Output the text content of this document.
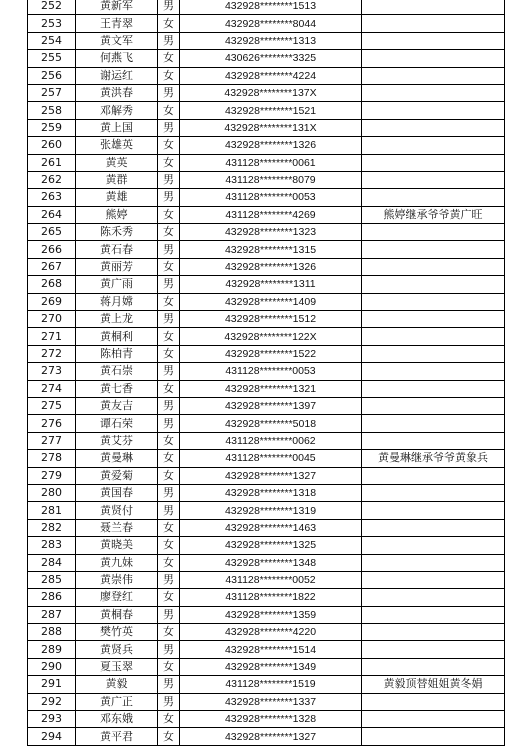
252	黄新军	男	432928********1513	
253	王青翠	女	432928********8044	
254	黄文军	男	432928********1313	
255	何燕飞	女	430626********3325	
256	谢运红	女	432928********4224	
257	黄洪春	男	432928********137X	
258	邓解秀	女	432928********1521	
259	黄上国	男	432928********131X	
260	张雄英	女	432928********1326	
261	黄英	女	431128********0061	
262	黄群	男	431128********8079	
263	黄雄	男	431128********0053	
264	熊婷	女	431128********4269	熊婷继承爷爷黄广旺
265	陈禾秀	女	432928********1323	
266	黄石春	男	432928********1315	
267	黄丽芳	女	432928********1326	
268	黄广雨	男	432928********1311	
269	蒋月嫦	女	432928********1409	
270	黄上龙	男	432928********1512	
271	黄桐利	女	432928********122X	
272	陈柏青	女	432928********1522	
273	黄石崇	男	431128********0053	
274	黄七香	女	432928********1321	
275	黄友吉	男	432928********1397	
276	谭石荣	男	432928********5018	
277	黄艾芬	女	431128********0062	
278	黄曼琳	女	431128********0045	黄曼琳继承爷爷黄象兵
279	黄爱菊	女	432928********1327	
280	黄国春	男	432928********1318	
281	黄贤付	男	432928********1319	
282	聂兰春	女	432928********1463	
283	黄晓美	女	432928********1325	
284	黄九妹	女	432928********1348	
285	黄崇伟	男	431128********0052	
286	廖登红	女	431128********1822	
287	黄桐春	男	432928********1359	
288	樊竹英	女	432928********4220	
289	黄贤兵	男	432928********1514	
290	夏玉翠	女	432928********1349	
291	黄毅	男	431128********1519	黄毅顶替姐姐黄冬娟
292	黄广正	男	432928********1337	
293	邓东娥	女	432928********1328	
294	黄平君	女	432928********1327	
